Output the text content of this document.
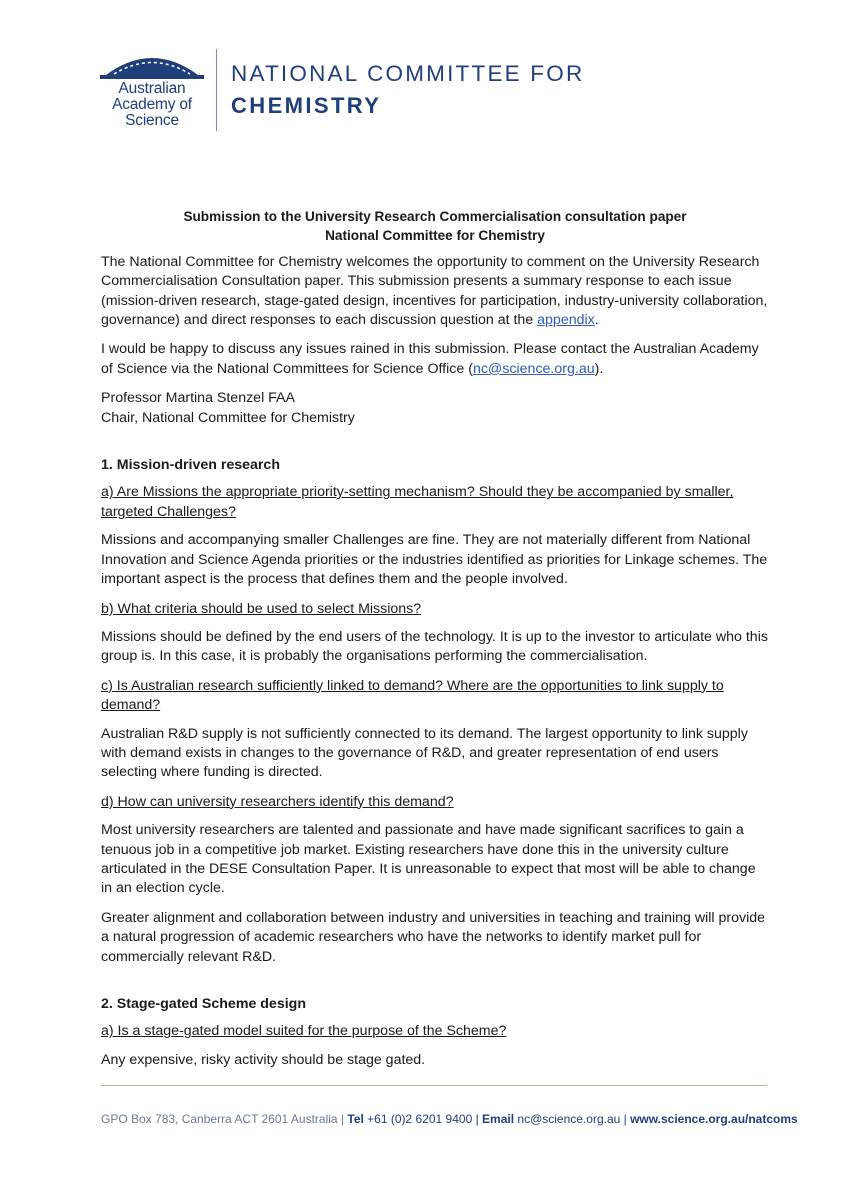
Australian
Academy of
Science
NATIONAL COMMITTEE FOR
CHEMISTRY
Submission to the University Research Commercialisation consultation paper
National Committee for Chemistry

The National Committee for Chemistry welcomes the opportunity to comment on the University Research Commercialisation Consultation paper. This submission presents a summary response to each issue (mission-driven research, stage-gated design, incentives for participation, industry-university collaboration, governance) and direct responses to each discussion question at the appendix.

I would be happy to discuss any issues rained in this submission. Please contact the Australian Academy of Science via the National Committees for Science Office (nc@science.org.au).

Professor Martina Stenzel FAA
Chair, National Committee for Chemistry

1. Mission-driven research

a) Are Missions the appropriate priority-setting mechanism? Should they be accompanied by smaller, targeted Challenges?

Missions and accompanying smaller Challenges are fine. They are not materially different from National Innovation and Science Agenda priorities or the industries identified as priorities for Linkage schemes. The important aspect is the process that defines them and the people involved.

b) What criteria should be used to select Missions?

Missions should be defined by the end users of the technology. It is up to the investor to articulate who this group is. In this case, it is probably the organisations performing the commercialisation.

c) Is Australian research sufficiently linked to demand? Where are the opportunities to link supply to demand?

Australian R&D supply is not sufficiently connected to its demand. The largest opportunity to link supply with demand exists in changes to the governance of R&D, and greater representation of end users selecting where funding is directed.

d) How can university researchers identify this demand?

Most university researchers are talented and passionate and have made significant sacrifices to gain a tenuous job in a competitive job market. Existing researchers have done this in the university culture articulated in the DESE Consultation Paper. It is unreasonable to expect that most will be able to change in an election cycle.

Greater alignment and collaboration between industry and universities in teaching and training will provide a natural progression of academic researchers who have the networks to identify market pull for commercially relevant R&D.

2. Stage-gated Scheme design

a) Is a stage-gated model suited for the purpose of the Scheme?

Any expensive, risky activity should be stage gated.

GPO Box 783, Canberra ACT 2601 Australia | Tel +61 (0)2 6201 9400 | Email nc@science.org.au | www.science.org.au/natcoms
